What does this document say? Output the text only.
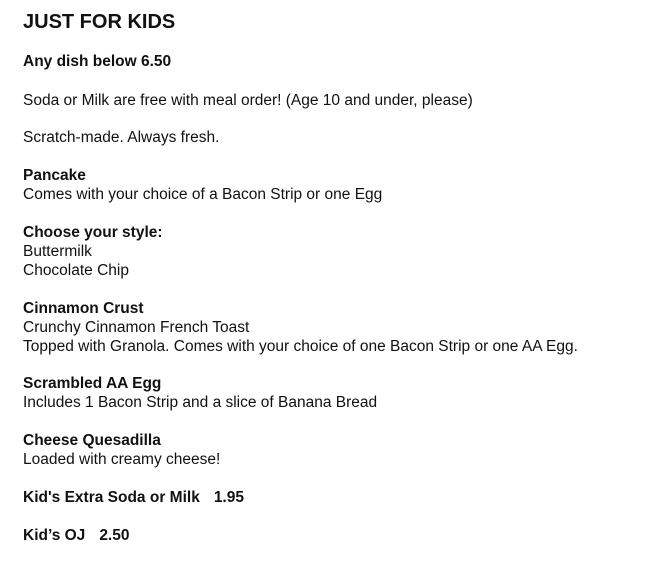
JUST FOR KIDS

Any dish below 6.50

Soda or Milk are free with meal order! (Age 10 and under, please)

Scratch-made. Always fresh.

Pancake

Comes with your choice of a Bacon Strip or one Egg

Choose your style:

Buttermilk

Chocolate Chip

Cinnamon Crust

Crunchy Cinnamon French Toast

Topped with Granola. Comes with your choice of one Bacon Strip or one AA Egg.

Scrambled AA Egg

Includes 1 Bacon Strip and a slice of Banana Bread

Cheese Quesadilla

Loaded with creamy cheese!

Kid's Extra Soda or Milk 1.95

Kid’s OJ 2.50
